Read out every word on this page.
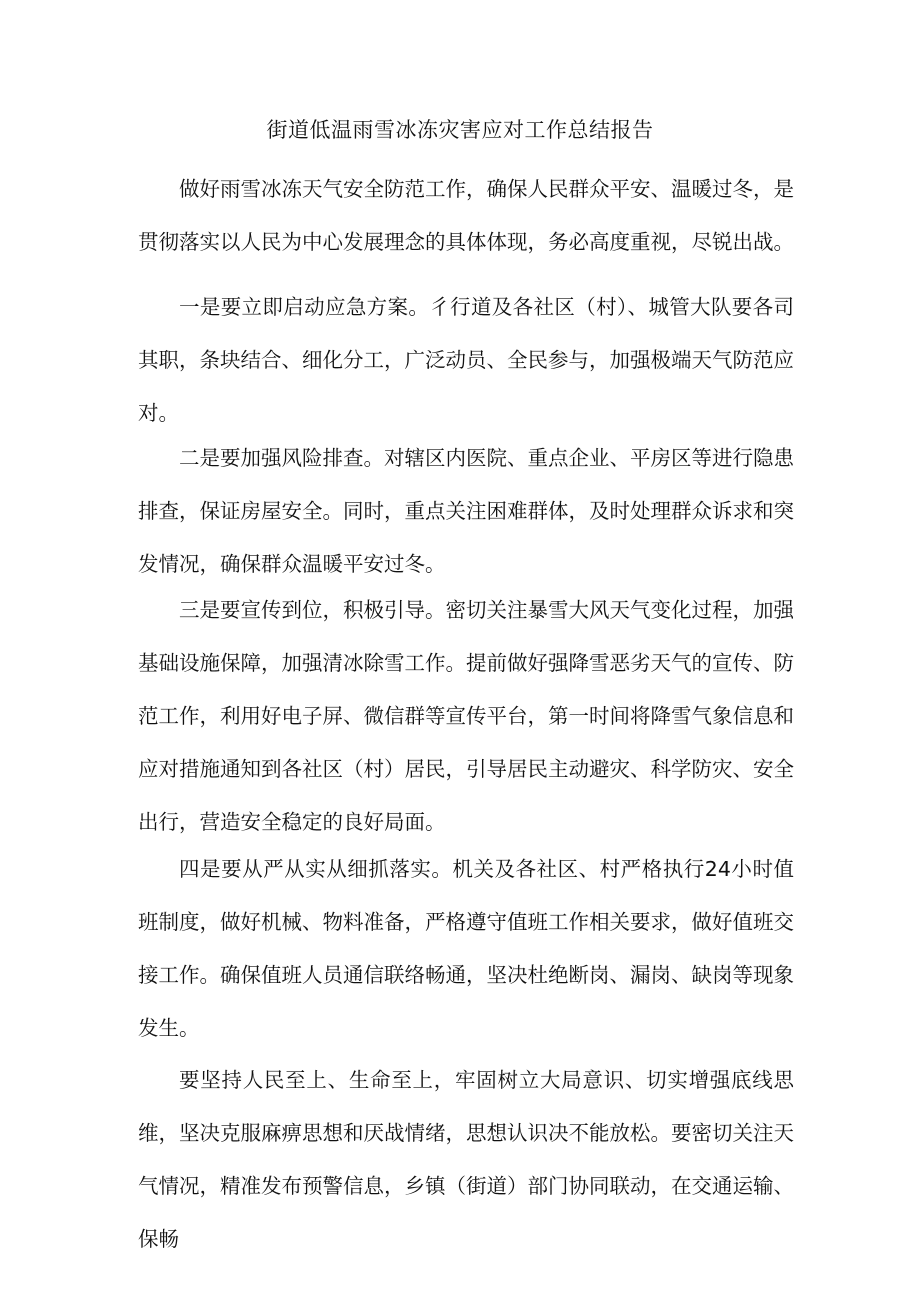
街道低温雨雪冰冻灾害应对工作总结报告

做好雨雪冰冻天气安全防范工作，确保人民群众平安、温暖过冬，是贯彻落实以人民为中心发展理念的具体体现，务必高度重视，尽锐出战。

一是要立即启动应急方案。彳行道及各社区（村）、城管大队要各司其职，条块结合、细化分工，广泛动员、全民参与，加强极端天气防范应对。

二是要加强风险排查。对辖区内医院、重点企业、平房区等进行隐患排查，保证房屋安全。同时，重点关注困难群体，及时处理群众诉求和突发情况，确保群众温暖平安过冬。

三是要宣传到位，积极引导。密切关注暴雪大风天气变化过程，加强基础设施保障，加强清冰除雪工作。提前做好强降雪恶劣天气的宣传、防范工作，利用好电子屏、微信群等宣传平台，第一时间将降雪气象信息和应对措施通知到各社区（村）居民，引导居民主动避灾、科学防灾、安全出行，营造安全稳定的良好局面。

四是要从严从实从细抓落实。机关及各社区、村严格执行24小时值班制度，做好机械、物料准备，严格遵守值班工作相关要求，做好值班交接工作。确保值班人员通信联络畅通，坚决杜绝断岗、漏岗、缺岗等现象发生。

要坚持人民至上、生命至上，牢固树立大局意识、切实增强底线思维，坚决克服麻痹思想和厌战情绪，思想认识决不能放松。要密切关注天气情况，精准发布预警信息，乡镇（街道）部门协同联动，在交通运输、保畅
